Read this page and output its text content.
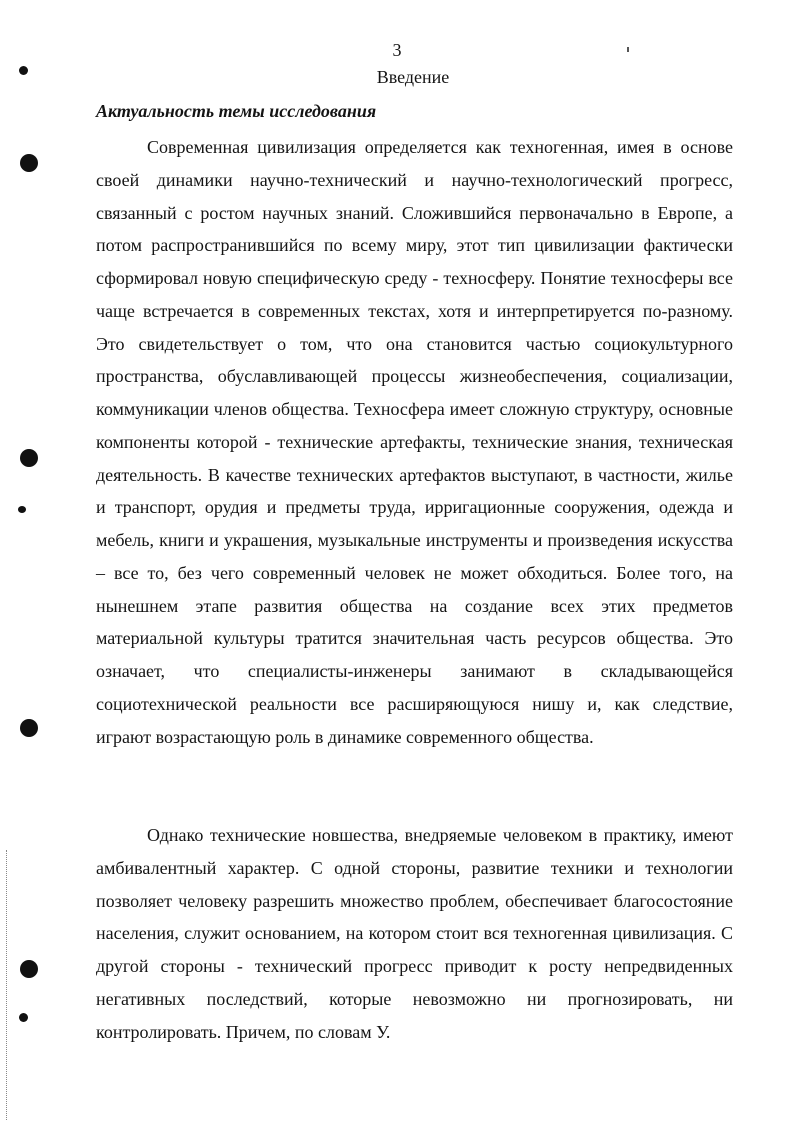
3
Введение
Актуальность темы исследования

Современная цивилизация определяется как техногенная, имея в основе своей динамики научно-технический и научно-технологический прогресс, связанный с ростом научных знаний. Сложившийся первоначально в Европе, а потом распространившийся по всему миру, этот тип цивилизации фактически сформировал новую специфическую среду - техносферу. Понятие техносферы все чаще встречается в современных текстах, хотя и интерпретируется по-разному. Это свидетельствует о том, что она становится частью социокультурного пространства, обуславливающей процессы жизнеобеспечения, социализации, коммуникации членов общества. Техносфера имеет сложную структуру, основные компоненты которой - технические артефакты, технические знания, техническая деятельность. В качестве технических артефактов выступают, в частности, жилье и транспорт, орудия и предметы труда, ирригационные сооружения, одежда и мебель, книги и украшения, музыкальные инструменты и произведения искусства – все то, без чего современный человек не может обходиться. Более того, на нынешнем этапе развития общества на создание всех этих предметов материальной культуры тратится значительная часть ресурсов общества. Это означает, что специалисты-инженеры занимают в складывающейся социотехнической реальности все расширяющуюся нишу и, как следствие, играют возрастающую роль в динамике современного общества.

Однако технические новшества, внедряемые человеком в практику, имеют амбивалентный характер. С одной стороны, развитие техники и технологии позволяет человеку разрешить множество проблем, обеспечивает благосостояние населения, служит основанием, на котором стоит вся техногенная цивилизация. С другой стороны - технический прогресс приводит к росту непредвиденных негативных последствий, которые невозможно ни прогнозировать, ни контролировать. Причем, по словам У.
